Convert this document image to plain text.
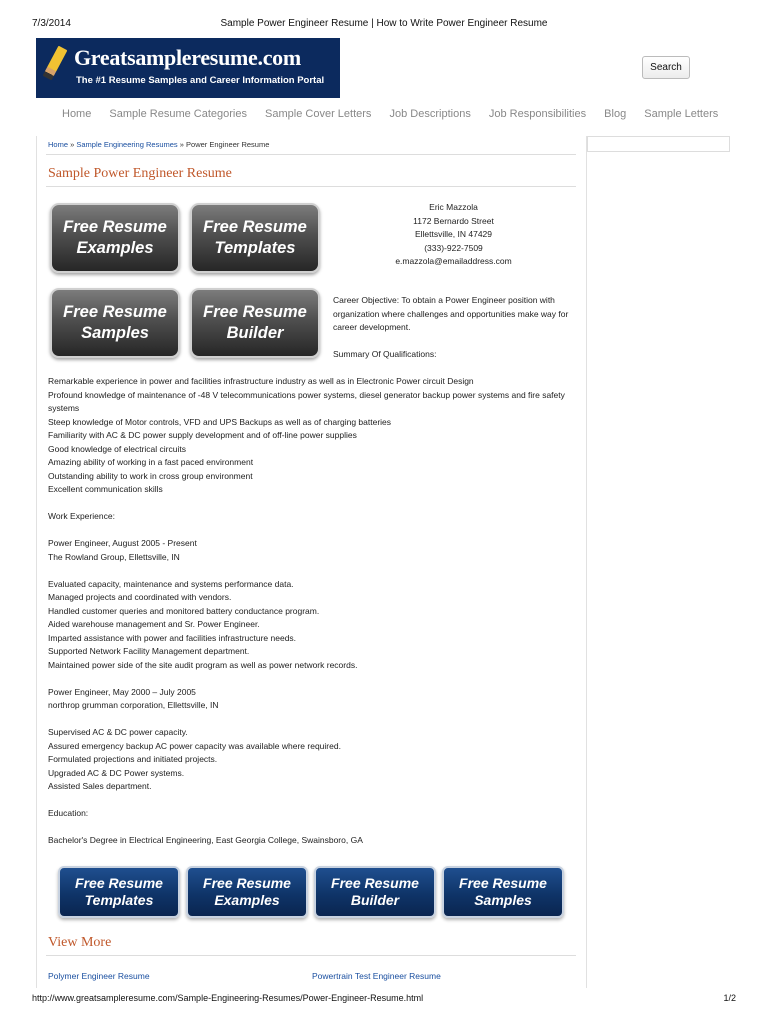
7/3/2014	Sample Power Engineer Resume | How to Write Power Engineer Resume
Greatsampleresume.com
The #1 Resume Samples and Career Information Portal
Search
Home Sample Resume Categories Sample Cover Letters Job Descriptions Job Responsibilities Blog Sample Letters
Home » Sample Engineering Resumes » Power Engineer Resume
Sample Power Engineer Resume
Free Resume
Examples
Free Resume
Templates
Free Resume
Samples
Free Resume
Builder
Eric Mazzola
1172 Bernardo Street
Ellettsville, IN 47429
(333)-922-7509
e.mazzola@emailaddress.com
Career Objective: To obtain a Power Engineer position with organization where challenges and opportunities make way for career development.
Summary Of Qualifications:
Remarkable experience in power and facilities infrastructure industry as well as in Electronic Power circuit Design
Profound knowledge of maintenance of -48 V telecommunications power systems, diesel generator backup power systems and fire safety systems
Steep knowledge of Motor controls, VFD and UPS Backups as well as of charging batteries
Familiarity with AC & DC power supply development and of off-line power supplies
Good knowledge of electrical circuits
Amazing ability of working in a fast paced environment
Outstanding ability to work in cross group environment
Excellent communication skills
Work Experience:
Power Engineer, August 2005 - Present
The Rowland Group, Ellettsville, IN
Evaluated capacity, maintenance and systems performance data.
Managed projects and coordinated with vendors.
Handled customer queries and monitored battery conductance program.
Aided warehouse management and Sr. Power Engineer.
Imparted assistance with power and facilities infrastructure needs.
Supported Network Facility Management department.
Maintained power side of the site audit program as well as power network records.
Power Engineer, May 2000 – July 2005
northrop grumman corporation, Ellettsville, IN
Supervised AC & DC power capacity.
Assured emergency backup AC power capacity was available where required.
Formulated projections and initiated projects.
Upgraded AC & DC Power systems.
Assisted Sales department.
Education:
Bachelor's Degree in Electrical Engineering, East Georgia College, Swainsboro, GA
Free Resume
Templates
Free Resume
Examples
Free Resume
Builder
Free Resume
Samples
View More
Polymer Engineer Resume	Powertrain Test Engineer Resume
http://www.greatsampleresume.com/Sample-Engineering-Resumes/Power-Engineer-Resume.html	1/2
